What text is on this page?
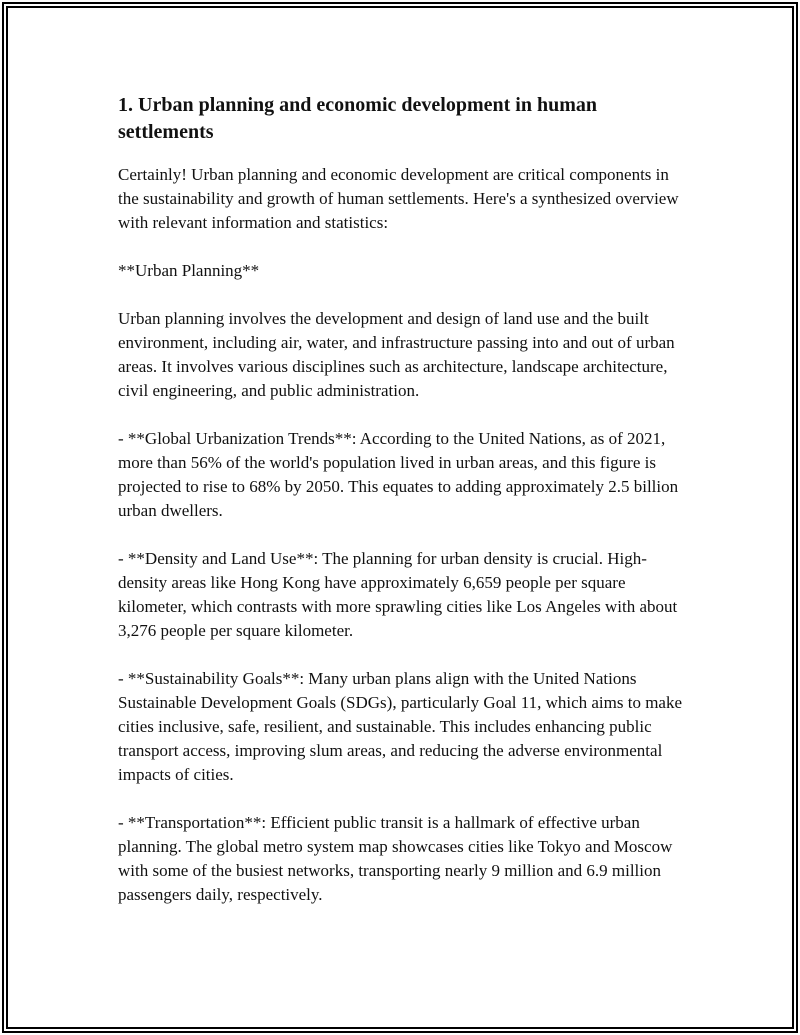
1. Urban planning and economic development in human settlements

Certainly! Urban planning and economic development are critical components in the sustainability and growth of human settlements. Here's a synthesized overview with relevant information and statistics:

**Urban Planning**

Urban planning involves the development and design of land use and the built environment, including air, water, and infrastructure passing into and out of urban areas. It involves various disciplines such as architecture, landscape architecture, civil engineering, and public administration.

- **Global Urbanization Trends**: According to the United Nations, as of 2021, more than 56% of the world's population lived in urban areas, and this figure is projected to rise to 68% by 2050. This equates to adding approximately 2.5 billion urban dwellers.

- **Density and Land Use**: The planning for urban density is crucial. High-density areas like Hong Kong have approximately 6,659 people per square kilometer, which contrasts with more sprawling cities like Los Angeles with about 3,276 people per square kilometer.

- **Sustainability Goals**: Many urban plans align with the United Nations Sustainable Development Goals (SDGs), particularly Goal 11, which aims to make cities inclusive, safe, resilient, and sustainable. This includes enhancing public transport access, improving slum areas, and reducing the adverse environmental impacts of cities.

- **Transportation**: Efficient public transit is a hallmark of effective urban planning. The global metro system map showcases cities like Tokyo and Moscow with some of the busiest networks, transporting nearly 9 million and 6.9 million passengers daily, respectively.
